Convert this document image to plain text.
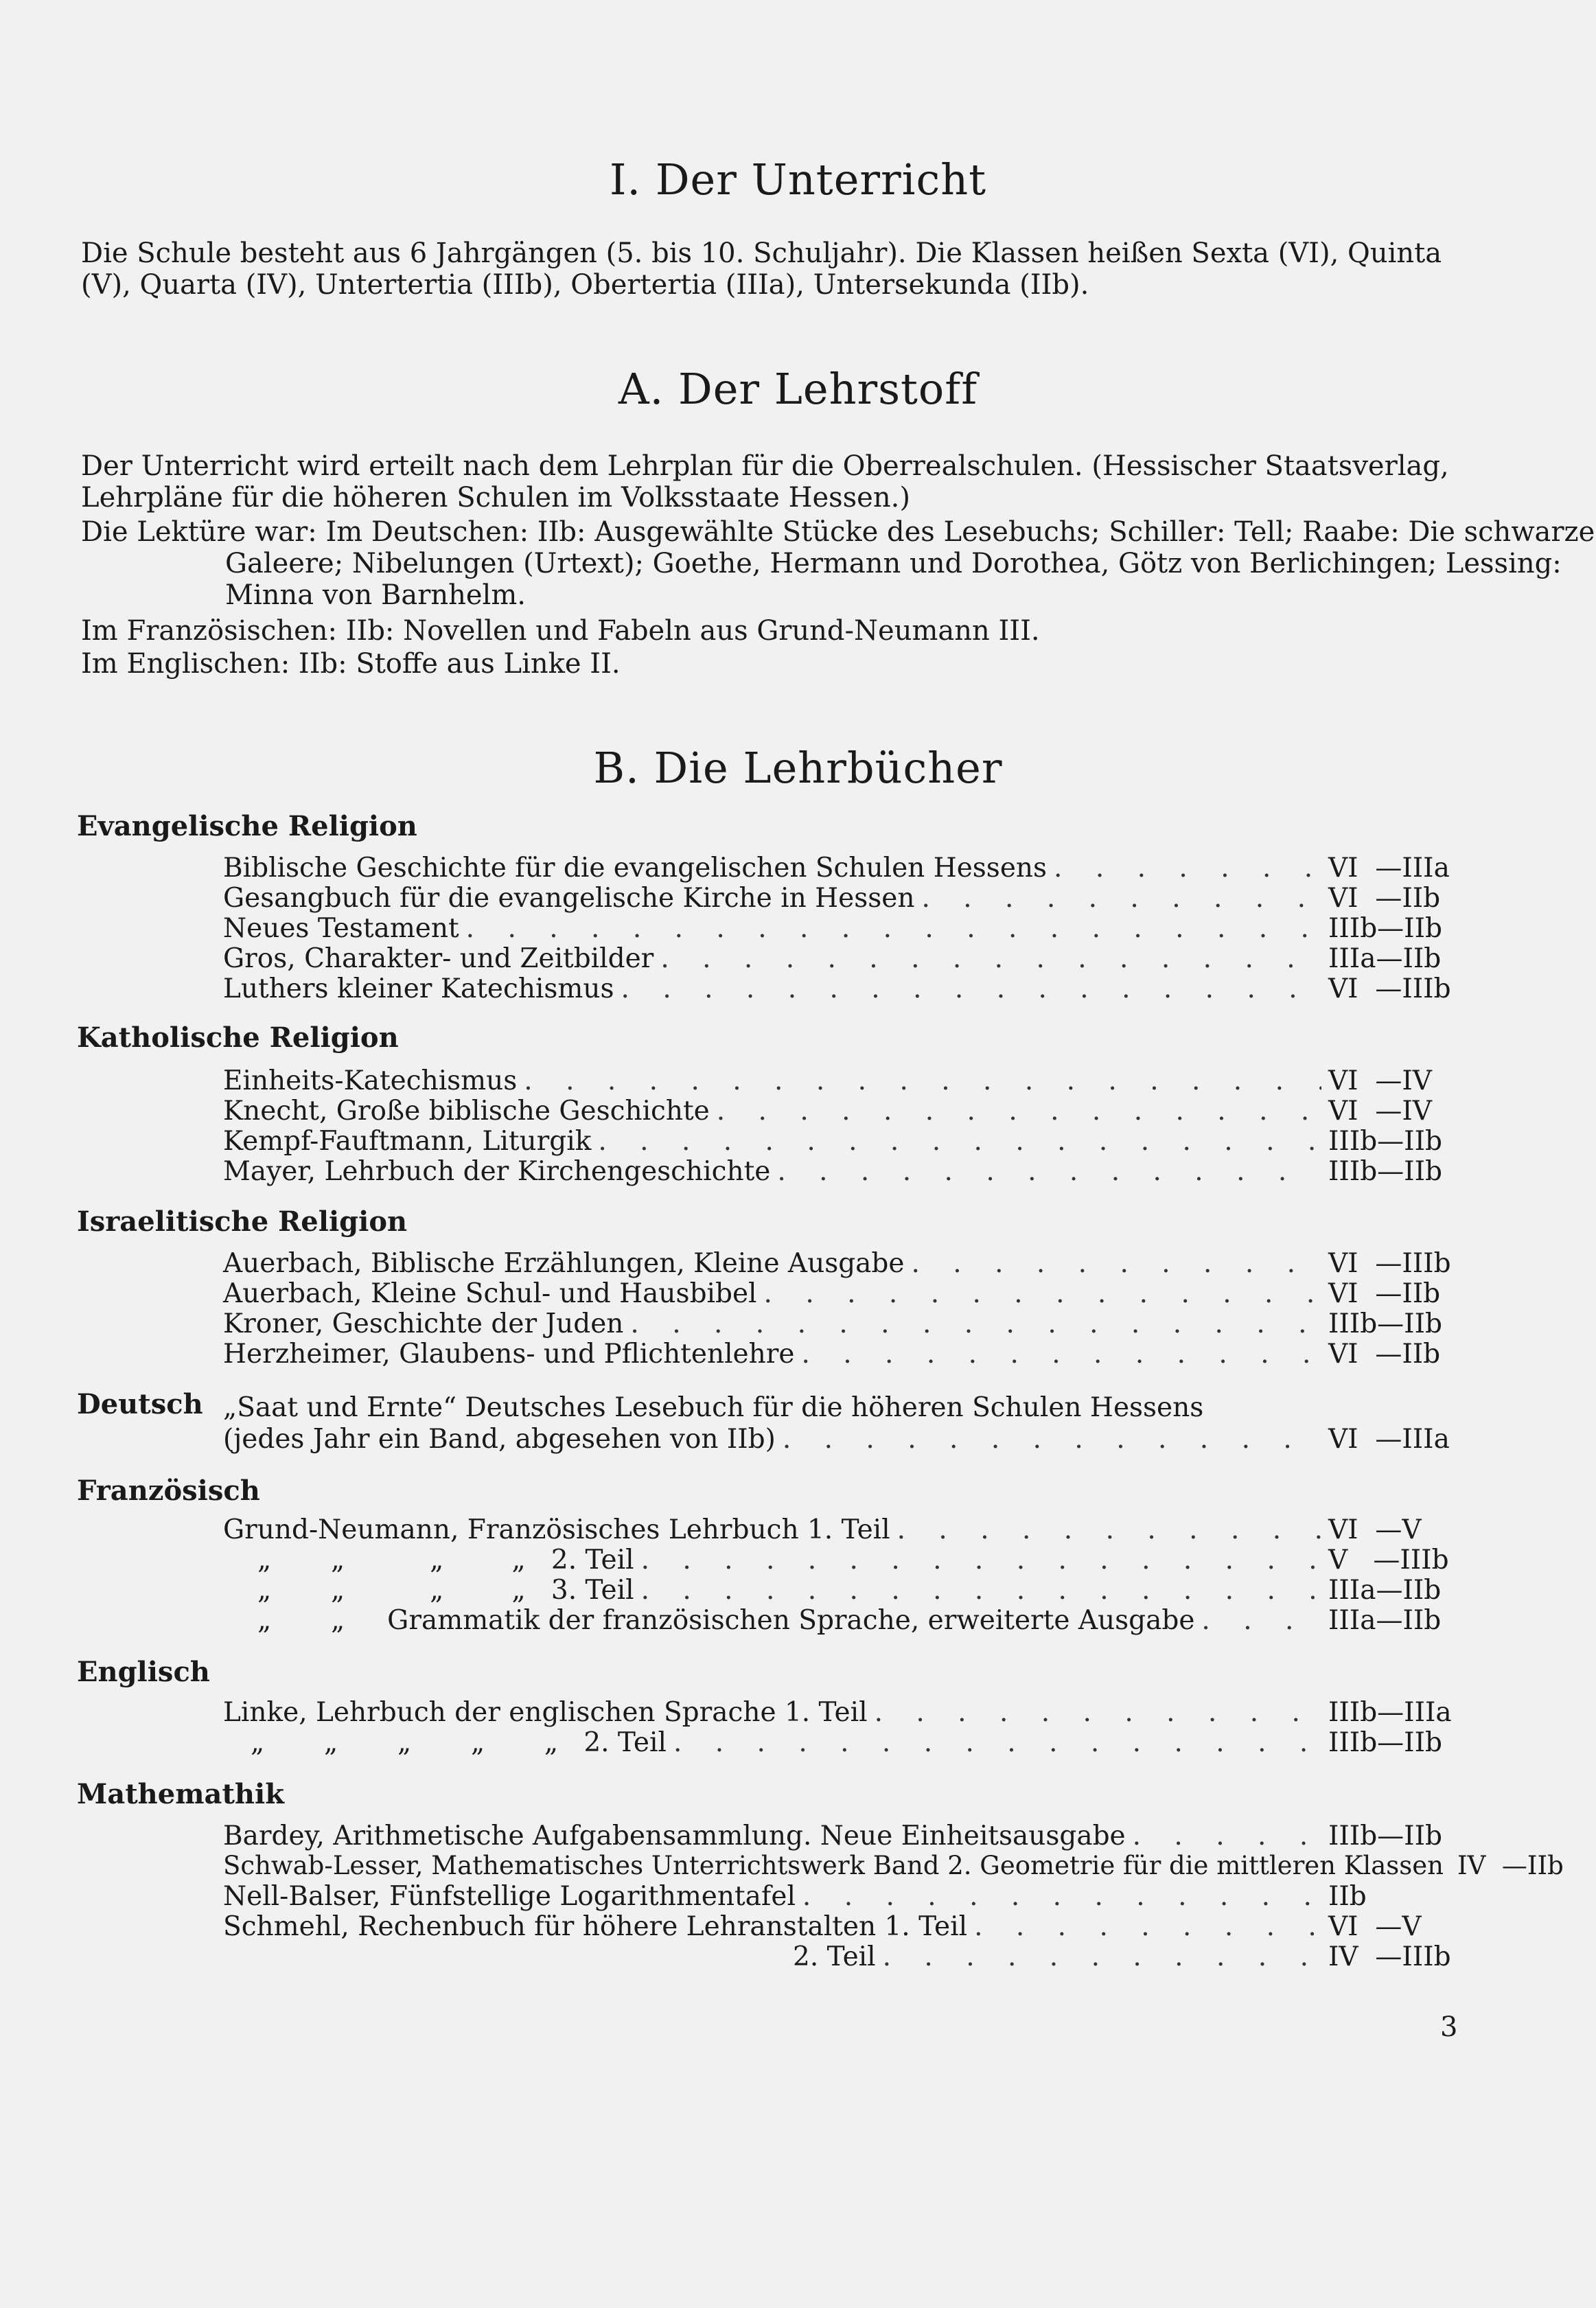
I. Der Unterricht

Die Schule besteht aus 6 Jahrgängen (5. bis 10. Schuljahr). Die Klassen heißen Sexta (VI), Quinta (V), Quarta (IV), Untertertia (IIIb), Obertertia (IIIa), Untersekunda (IIb).

A. Der Lehrstoff

Der Unterricht wird erteilt nach dem Lehrplan für die Oberrealschulen. (Hessischer Staatsverlag, Lehrpläne für die höheren Schulen im Volksstaate Hessen.)

Die Lektüre war: Im Deutschen: IIb: Ausgewählte Stücke des Lesebuchs; Schiller: Tell; Raabe: Die schwarze Galeere; Nibelungen (Urtext); Goethe, Hermann und Dorothea, Götz von Berlichingen; Lessing: Minna von Barnhelm.

Im Französischen: IIb: Novellen und Fabeln aus Grund-Neumann III.

Im Englischen: IIb: Stoffe aus Linke II.

B. Die Lehrbücher
Evangelische Religion
Biblische Geschichte für die evangelischen Schulen Hessens . . .	VI  —IIIa
Gesangbuch für die evangelische Kirche in Hessen . . .	VI  —IIb
Neues Testament . . .	IIIb—IIb
Gros, Charakter- und Zeitbilder . . .	IIIa—IIb
Luthers kleiner Katechismus . . .	VI  —IIIb
Katholische Religion
Einheits-Katechismus . . .	VI  —IV
Knecht, Große biblische Geschichte . . .	VI  —IV
Kempf-Fauftmann, Liturgik . . .	IIIb—IIb
Mayer, Lehrbuch der Kirchengeschichte . . .	IIIb—IIb
Israelitische Religion
Auerbach, Biblische Erzählungen, Kleine Ausgabe . . .	VI  —IIIb
Auerbach, Kleine Schul- und Hausbibel . . .	VI  —IIb
Kroner, Geschichte der Juden . . .	IIIb—IIb
Herzheimer, Glaubens- und Pflichtenlehre . . .	VI  —IIb
Deutsch „Saat und Ernte“ Deutsches Lesebuch für die höheren Schulen Hessens
(jedes Jahr ein Band, abgesehen von IIb) . . .	VI  —IIIa
Französisch
Grund-Neumann, Französisches Lehrbuch 1. Teil . . .	VI  —V
„       „          „        „   2. Teil . . .	V   —IIIb
„       „          „        „   3. Teil . . .	IIIa—IIb
„       „     Grammatik der französischen Sprache, erweiterte Ausgabe . . .	IIIa—IIb
Englisch
Linke, Lehrbuch der englischen Sprache 1. Teil . . .	IIIb—IIIa
„       „       „       „       „   2. Teil . . .	IIIb—IIb
Mathemathik
Bardey, Arithmetische Aufgabensammlung. Neue Einheitsausgabe . . .	IIIb—IIb
Schwab-Lesser, Mathematisches Unterrichtswerk Band 2. Geometrie für die mittleren Klassen IV  —IIb
Nell-Balser, Fünfstellige Logarithmentafel . . .	IIb
Schmehl, Rechenbuch für höhere Lehranstalten 1. Teil . . .	VI  —V
2. Teil . . .	IV  —IIIb
3
